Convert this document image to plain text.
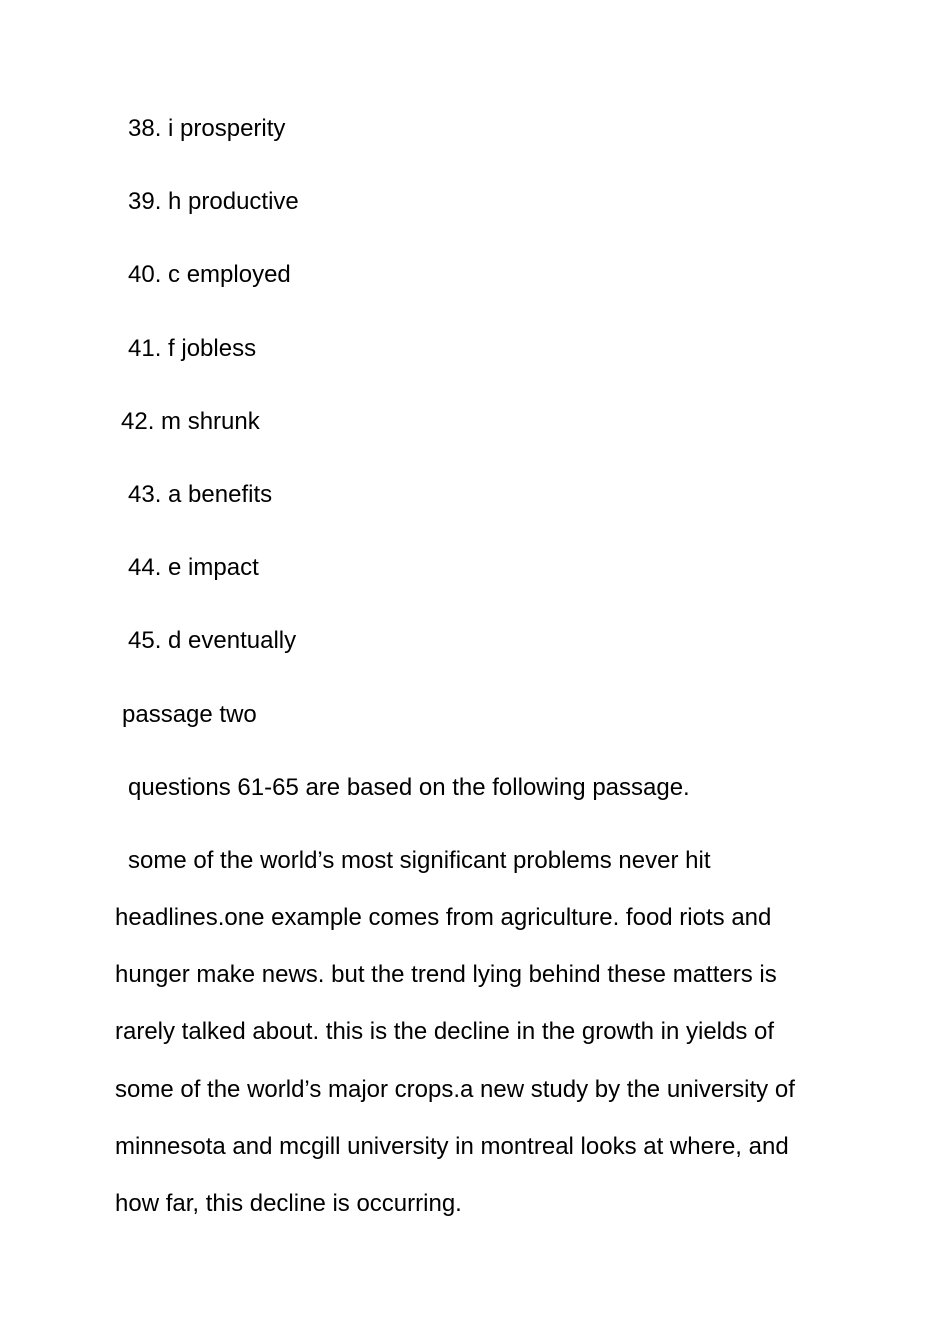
38. i prosperity
39. h productive
40. c employed
41. f jobless
42. m shrunk
43. a benefits
44. e impact
45. d eventually
passage two
questions 61-65 are based on the following passage.
some of the world’s most significant problems never hit
headlines.one example comes from agriculture. food riots and
hunger make news. but the trend lying behind these matters is
rarely talked about. this is the decline in the growth in yields of
some of the world’s major crops.a new study by the university of
minnesota and mcgill university in montreal looks at where, and
how far, this decline is occurring.
